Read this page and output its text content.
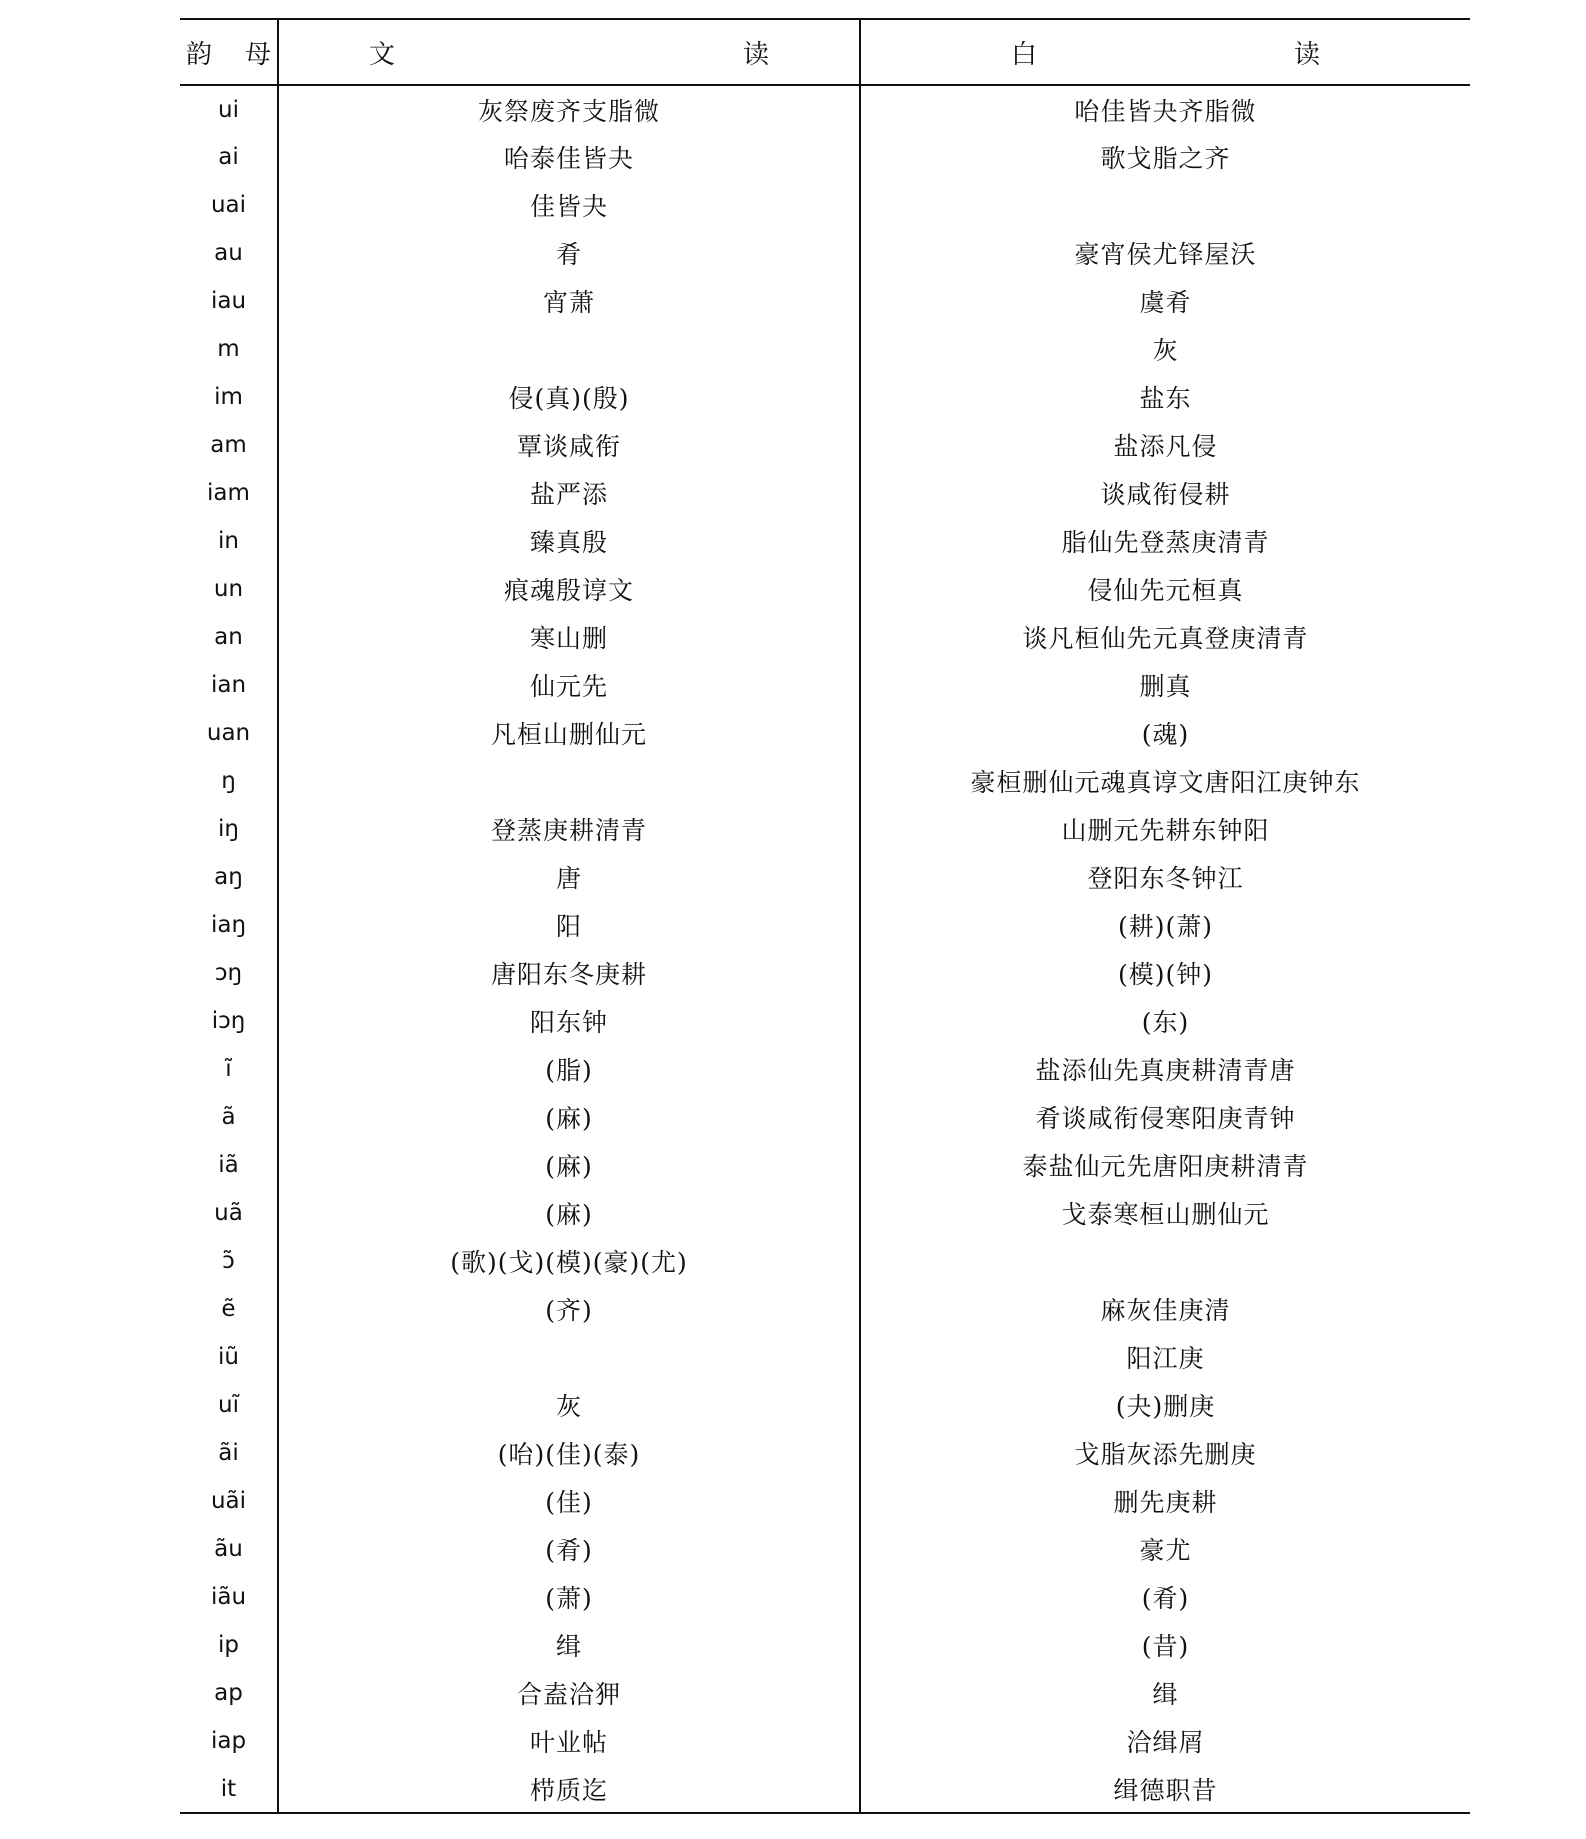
韵 母	文 读	白 读

ui	灰祭废齐支脂微	咍佳皆夬齐脂微
ai	咍泰佳皆夬	歌戈脂之齐
uai	佳皆夬	
au	肴	豪宵侯尤铎屋沃
iau	宵萧	虞肴
m		灰
im	侵(真)(殷)	盐东
am	覃谈咸衔	盐添凡侵
iam	盐严添	谈咸衔侵耕
in	臻真殷	脂仙先登蒸庚清青
un	痕魂殷谆文	侵仙先元桓真
an	寒山删	谈凡桓仙先元真登庚清青
ian	仙元先	删真
uan	凡桓山删仙元	(魂)
ŋ		豪桓删仙元魂真谆文唐阳江庚钟东
iŋ	登蒸庚耕清青	山删元先耕东钟阳
aŋ	唐	登阳东冬钟江
iaŋ	阳	(耕)(萧)
ɔŋ	唐阳东冬庚耕	(模)(钟)
iɔŋ	阳东钟	(东)
ĩ	(脂)	盐添仙先真庚耕清青唐
ã	(麻)	肴谈咸衔侵寒阳庚青钟
iã	(麻)	泰盐仙元先唐阳庚耕清青
uã	(麻)	戈泰寒桓山删仙元
ɔ̃	(歌)(戈)(模)(豪)(尤)	
ẽ	(齐)	麻灰佳庚清
iũ		阳江庚
uĩ	灰	(夬)删庚
ãi	(咍)(佳)(泰)	戈脂灰添先删庚
uãi	(佳)	删先庚耕
ãu	(肴)	豪尤
iãu	(萧)	(肴)
ip	缉	(昔)
ap	合盍洽狎	缉
iap	叶业帖	洽缉屑
it	栉质迄	缉德职昔
